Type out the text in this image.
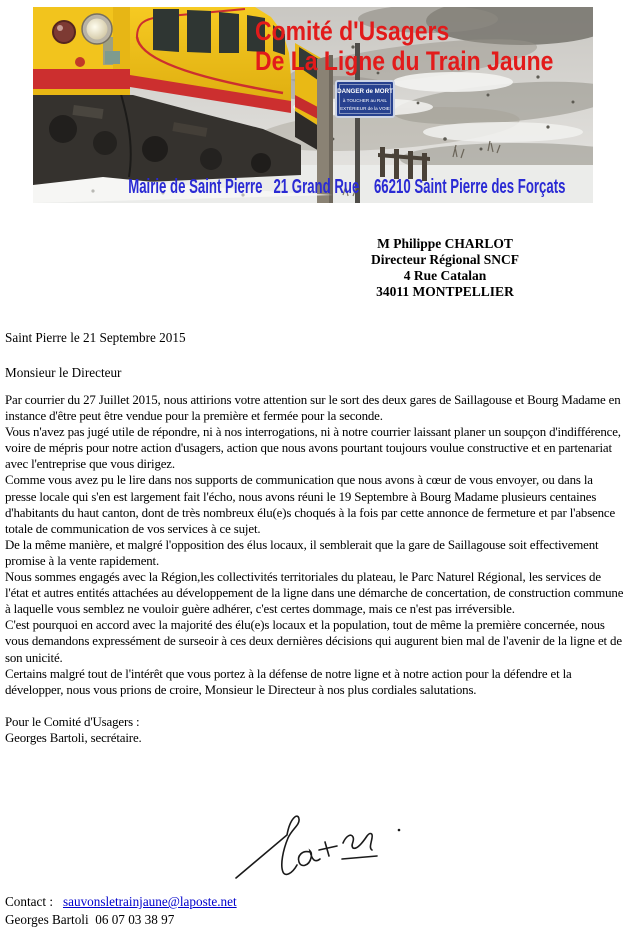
DANGER de MORT
à TOUCHER au RAIL
EXTÉRIEUR de la VOIE
Comité d'Usagers
De La Ligne du Train Jaune
Mairie de Saint Pierre   21 Grand Rue    66210 Saint Pierre des Forçats
M Philippe CHARLOT
Directeur Régional SNCF
4 Rue Catalan
34011 MONTPELLIER
Saint Pierre le 21 Septembre 2015
Monsieur le Directeur

Par courrier du 27 Juillet 2015, nous attirions votre attention sur le sort des deux gares de Saillagouse et Bourg Madame en instance d'être peut être vendue pour la première et fermée pour la seconde.

Vous n'avez pas jugé utile de répondre, ni à nos interrogations, ni à notre courrier laissant planer un soupçon d'indifférence, voire de mépris pour notre action d'usagers, action que nous avons pourtant toujours voulue constructive et en partenariat avec l'entreprise que vous dirigez.

Comme vous avez pu le lire dans nos supports de communication que nous avons à cœur de vous envoyer, ou dans la presse locale qui s'en est largement fait l'écho, nous avons réuni le 19 Septembre à Bourg Madame plusieurs centaines d'habitants du haut canton, dont de très nombreux élu(e)s choqués à la fois par cette annonce de fermeture et par l'absence totale de communication de vos services à ce sujet.

De la même manière, et malgré l'opposition des élus locaux, il semblerait que la gare de Saillagouse soit effectivement promise à la vente rapidement.

Nous sommes engagés avec la Région,les collectivités territoriales du plateau, le Parc Naturel Régional, les services de l'état et autres entités attachées au développement de la ligne dans une démarche de concertation, de construction commune à laquelle vous semblez ne vouloir guère adhérer, c'est certes dommage, mais ce n'est pas irréversible.

C'est pourquoi en accord avec la majorité des élu(e)s locaux et la population, tout de même la première concernée, nous vous demandons expressément de surseoir à ces deux dernières décisions qui augurent bien mal de l'avenir de la ligne et de son unicité.

Certains malgré tout de l'intérêt que vous portez à la défense de notre ligne et à notre action pour la défendre et la développer, nous vous prions de croire, Monsieur le Directeur à nos plus cordiales salutations.

Pour le Comité d'Usagers :
Georges Bartoli, secrétaire.
Contact : sauvonsletrainjaune@laposte.net
Georges Bartoli  06 07 03 38 97
